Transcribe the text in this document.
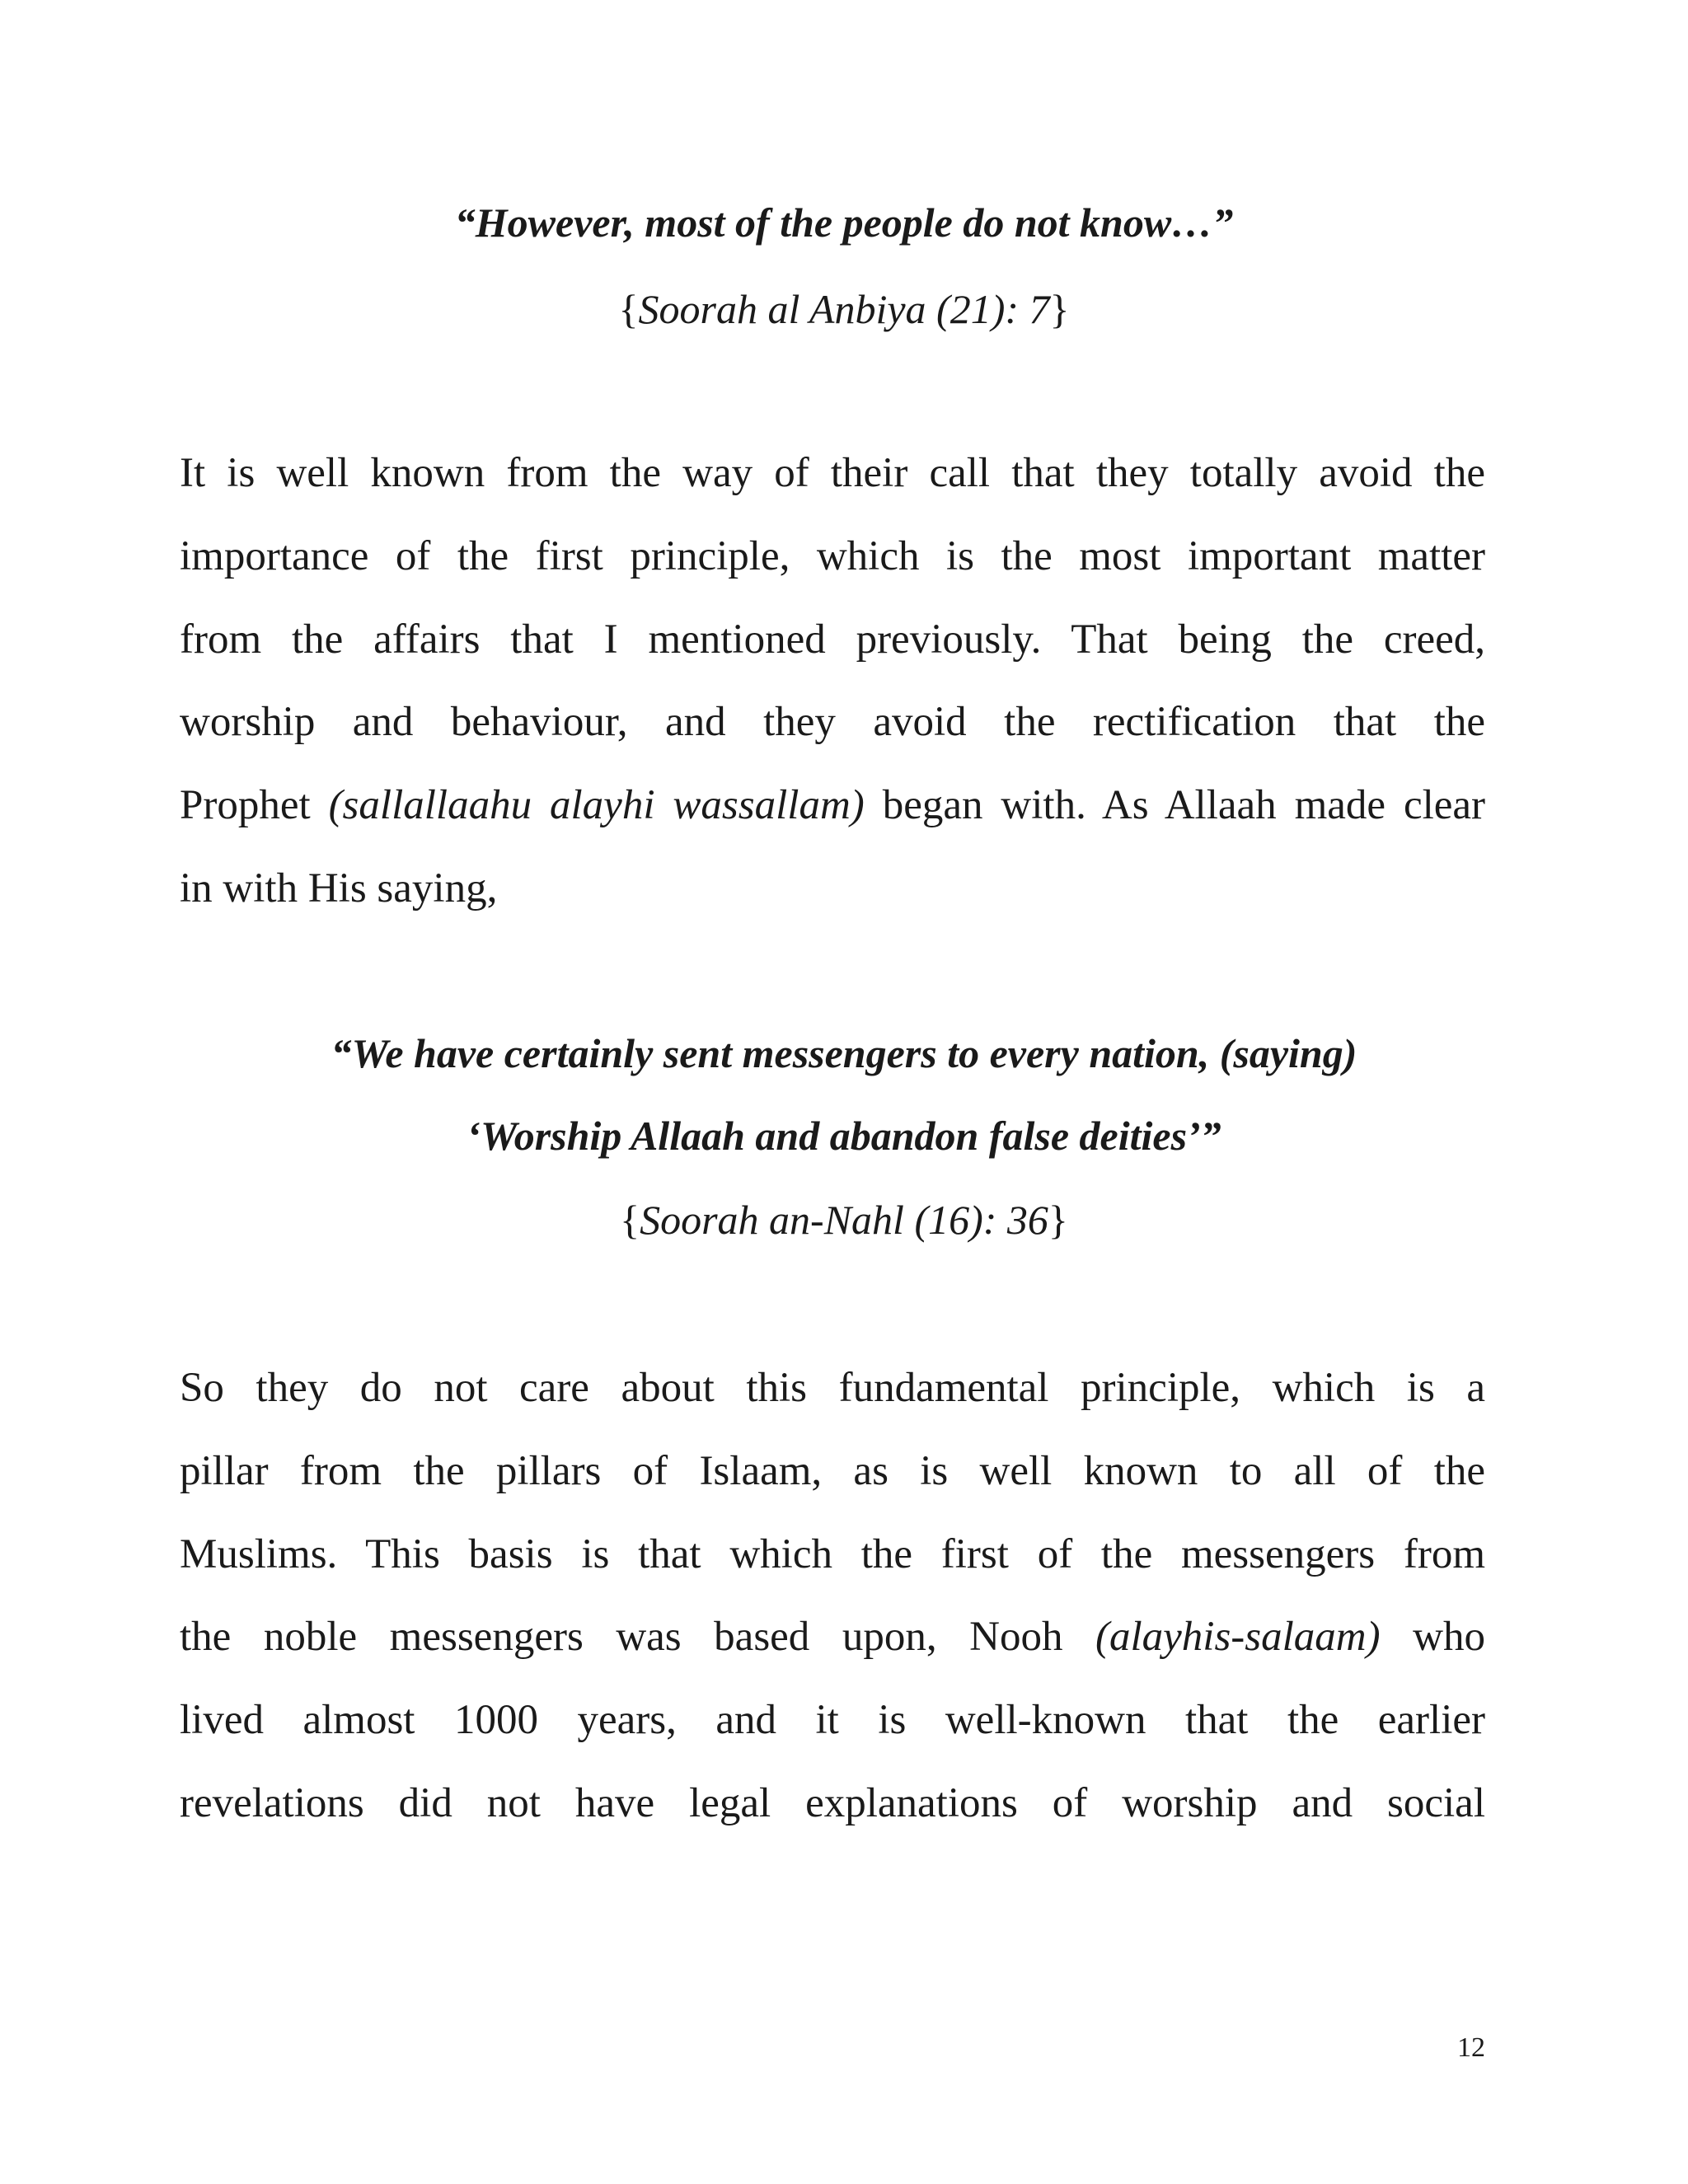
“However, most of the people do not know…”
{Soorah al Anbiya (21): 7}
It is well known from the way of their call that they totally avoid the
importance of the first principle, which is the most important matter
from the affairs that I mentioned previously. That being the creed,
worship and behaviour, and they avoid the rectification that the
Prophet (sallallaahu alayhi wassallam) began with. As Allaah made clear
in with His saying,
“We have certainly sent messengers to every nation, (saying)
‘Worship Allaah and abandon false deities’”
{Soorah an-Nahl (16): 36}
So they do not care about this fundamental principle, which is a
pillar from the pillars of Islaam, as is well known to all of the
Muslims. This basis is that which the first of the messengers from
the noble messengers was based upon, Nooh (alayhis-salaam) who
lived almost 1000 years, and it is well-known that the earlier
revelations did not have legal explanations of worship and social
12
